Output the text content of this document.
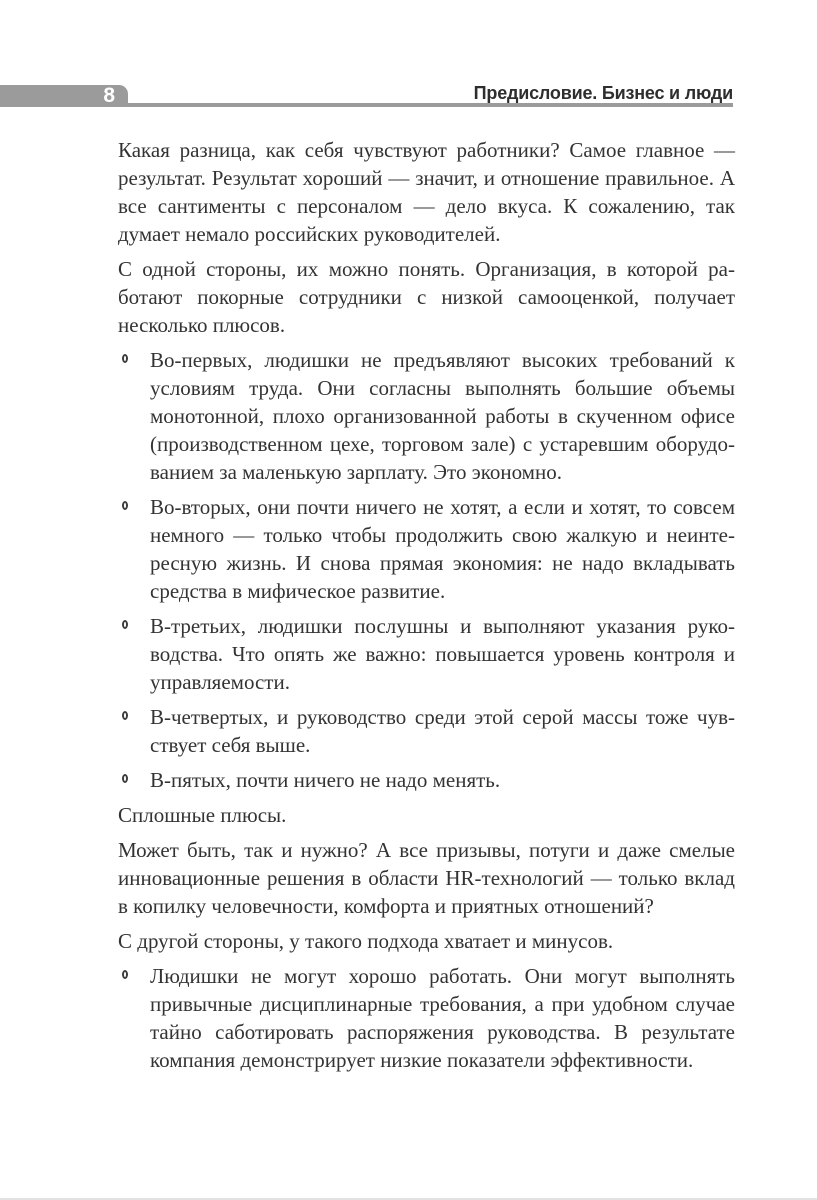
8	Предисловие. Бизнес и люди

Какая разница, как себя чувствуют работники? Самое главное — результат. Результат хороший — значит, и отношение правильное. А все сантименты с персоналом — дело вкуса. К сожалению, так думает немало российских руководителей.

С одной стороны, их можно понять. Организация, в которой работают покорные сотрудники с низкой самооценкой, получает несколько плюсов.

Во-первых, людишки не предъявляют высоких требований к условиям труда. Они согласны выполнять большие объемы монотонной, плохо организованной работы в скученном офисе (производственном цехе, торговом зале) с устаревшим оборудованием за маленькую зарплату. Это экономно.
Во-вторых, они почти ничего не хотят, а если и хотят, то совсем немного — только чтобы продолжить свою жалкую и неинтересную жизнь. И снова прямая экономия: не надо вкладывать средства в мифическое развитие.
В-третьих, людишки послушны и выполняют указания руководства. Что опять же важно: повышается уровень контроля и управляемости.
В-четвертых, и руководство среди этой серой массы тоже чувствует себя выше.
В-пятых, почти ничего не надо менять.

Сплошные плюсы.

Может быть, так и нужно? А все призывы, потуги и даже смелые инновационные решения в области HR-технологий — только вклад в копилку человечности, комфорта и приятных отношений?

С другой стороны, у такого подхода хватает и минусов.

Людишки не могут хорошо работать. Они могут выполнять привычные дисциплинарные требования, а при удобном случае тайно саботировать распоряжения руководства. В результате компания демонстрирует низкие показатели эффективности.
